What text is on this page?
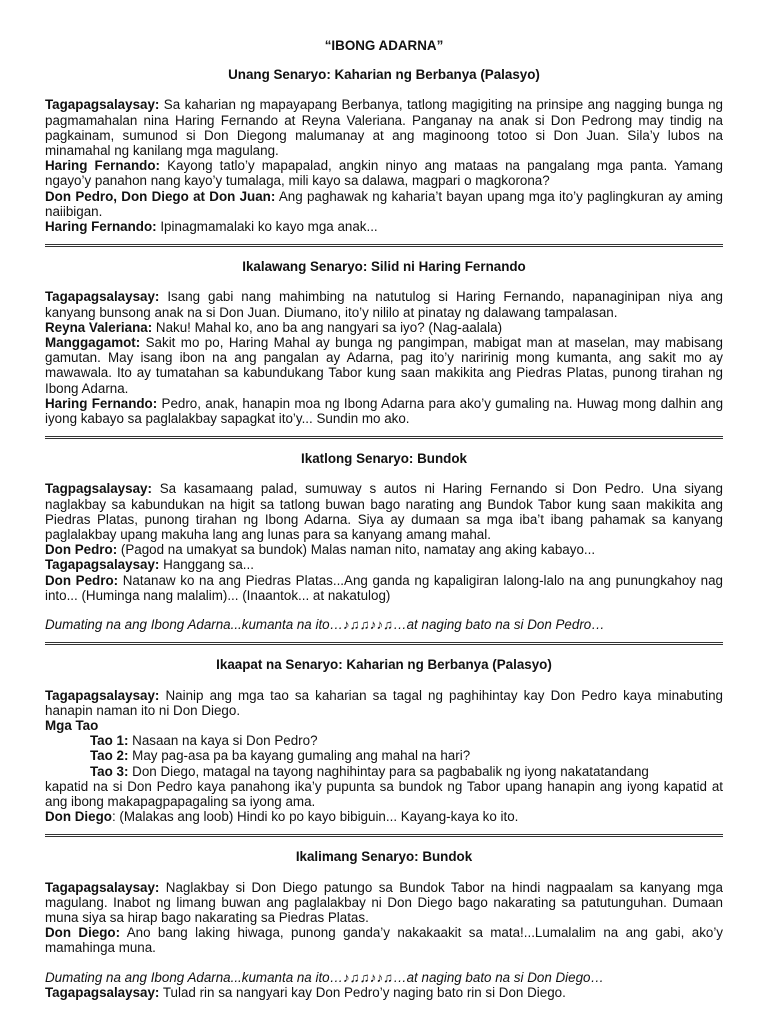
“IBONG ADARNA”
Unang Senaryo: Kaharian ng Berbanya (Palasyo)

Tagapagsalaysay: Sa kaharian ng mapayapang Berbanya, tatlong magigiting na prinsipe ang nagging bunga ng pagmamahalan nina Haring Fernando at Reyna Valeriana. Panganay na anak si Don Pedrong may tindig na pagkainam, sumunod si Don Diegong malumanay at ang maginoong totoo si Don Juan. Sila’y lubos na minamahal ng kanilang mga magulang.

Haring Fernando: Kayong tatlo’y mapapalad, angkin ninyo ang mataas na pangalang mga panta. Yamang ngayo’y panahon nang kayo’y tumalaga, mili kayo sa dalawa, magpari o magkorona?

Don Pedro, Don Diego at Don Juan: Ang paghawak ng kaharia’t bayan upang mga ito’y paglingkuran ay aming naiibigan.

Haring Fernando: Ipinagmamalaki ko kayo mga anak...

Ikalawang Senaryo: Silid ni Haring Fernando

Tagapagsalaysay: Isang gabi nang mahimbing na natutulog si Haring Fernando, napanaginipan niya ang kanyang bunsong anak na si Don Juan. Diumano, ito’y nililo at pinatay ng dalawang tampalasan.

Reyna Valeriana: Naku! Mahal ko, ano ba ang nangyari sa iyo? (Nag-aalala)

Manggagamot: Sakit mo po, Haring Mahal ay bunga ng pangimpan, mabigat man at maselan, may mabisang gamutan. May isang ibon na ang pangalan ay Adarna, pag ito’y naririnig mong kumanta, ang sakit mo ay mawawala. Ito ay tumatahan sa kabundukang Tabor kung saan makikita ang Piedras Platas, punong tirahan ng Ibong Adarna.

Haring Fernando: Pedro, anak, hanapin moa ng Ibong Adarna para ako’y gumaling na. Huwag mong dalhin ang iyong kabayo sa paglalakbay sapagkat ito’y... Sundin mo ako.

Ikatlong Senaryo: Bundok

Tagpagsalaysay: Sa kasamaang palad, sumuway s autos ni Haring Fernando si Don Pedro. Una siyang naglakbay sa kabundukan na higit sa tatlong buwan bago narating ang Bundok Tabor kung saan makikita ang Piedras Platas, punong tirahan ng Ibong Adarna. Siya ay dumaan sa mga iba’t ibang pahamak sa kanyang paglalakbay upang makuha lang ang lunas para sa kanyang amang mahal.

Don Pedro: (Pagod na umakyat sa bundok) Malas naman nito, namatay ang aking kabayo...

Tagapagsalaysay: Hanggang sa...

Don Pedro: Natanaw ko na ang Piedras Platas...Ang ganda ng kapaligiran lalong-lalo na ang punungkahoy nag into... (Huminga nang malalim)... (Inaantok... at nakatulog)

Dumating na ang Ibong Adarna...kumanta na ito…♪♫♫♪♪♫…at naging bato na si Don Pedro…

Ikaapat na Senaryo: Kaharian ng Berbanya (Palasyo)

Tagapagsalaysay: Nainip ang mga tao sa kaharian sa tagal ng paghihintay kay Don Pedro kaya minabuting hanapin naman ito ni Don Diego.

Mga Tao

Tao 1: Nasaan na kaya si Don Pedro?

Tao 2: May pag-asa pa ba kayang gumaling ang mahal na hari?

Tao 3: Don Diego, matagal na tayong naghihintay para sa pagbabalik ng iyong nakatatandang

kapatid na si Don Pedro kaya panahong ika’y pupunta sa bundok ng Tabor upang hanapin ang iyong kapatid at ang ibong makapagpapagaling sa iyong ama.

Don Diego: (Malakas ang loob) Hindi ko po kayo bibiguin... Kayang-kaya ko ito.

Ikalimang Senaryo: Bundok

Tagapagsalaysay: Naglakbay si Don Diego patungo sa Bundok Tabor na hindi nagpaalam sa kanyang mga magulang. Inabot ng limang buwan ang paglalakbay ni Don Diego bago nakarating sa patutunguhan. Dumaan muna siya sa hirap bago nakarating sa Piedras Platas.

Don Diego: Ano bang laking hiwaga, punong ganda’y nakakaakit sa mata!...Lumalalim na ang gabi, ako’y mamahinga muna.

Dumating na ang Ibong Adarna...kumanta na ito…♪♫♫♪♪♫…at naging bato na si Don Diego…

Tagapagsalaysay: Tulad rin sa nangyari kay Don Pedro’y naging bato rin si Don Diego.
